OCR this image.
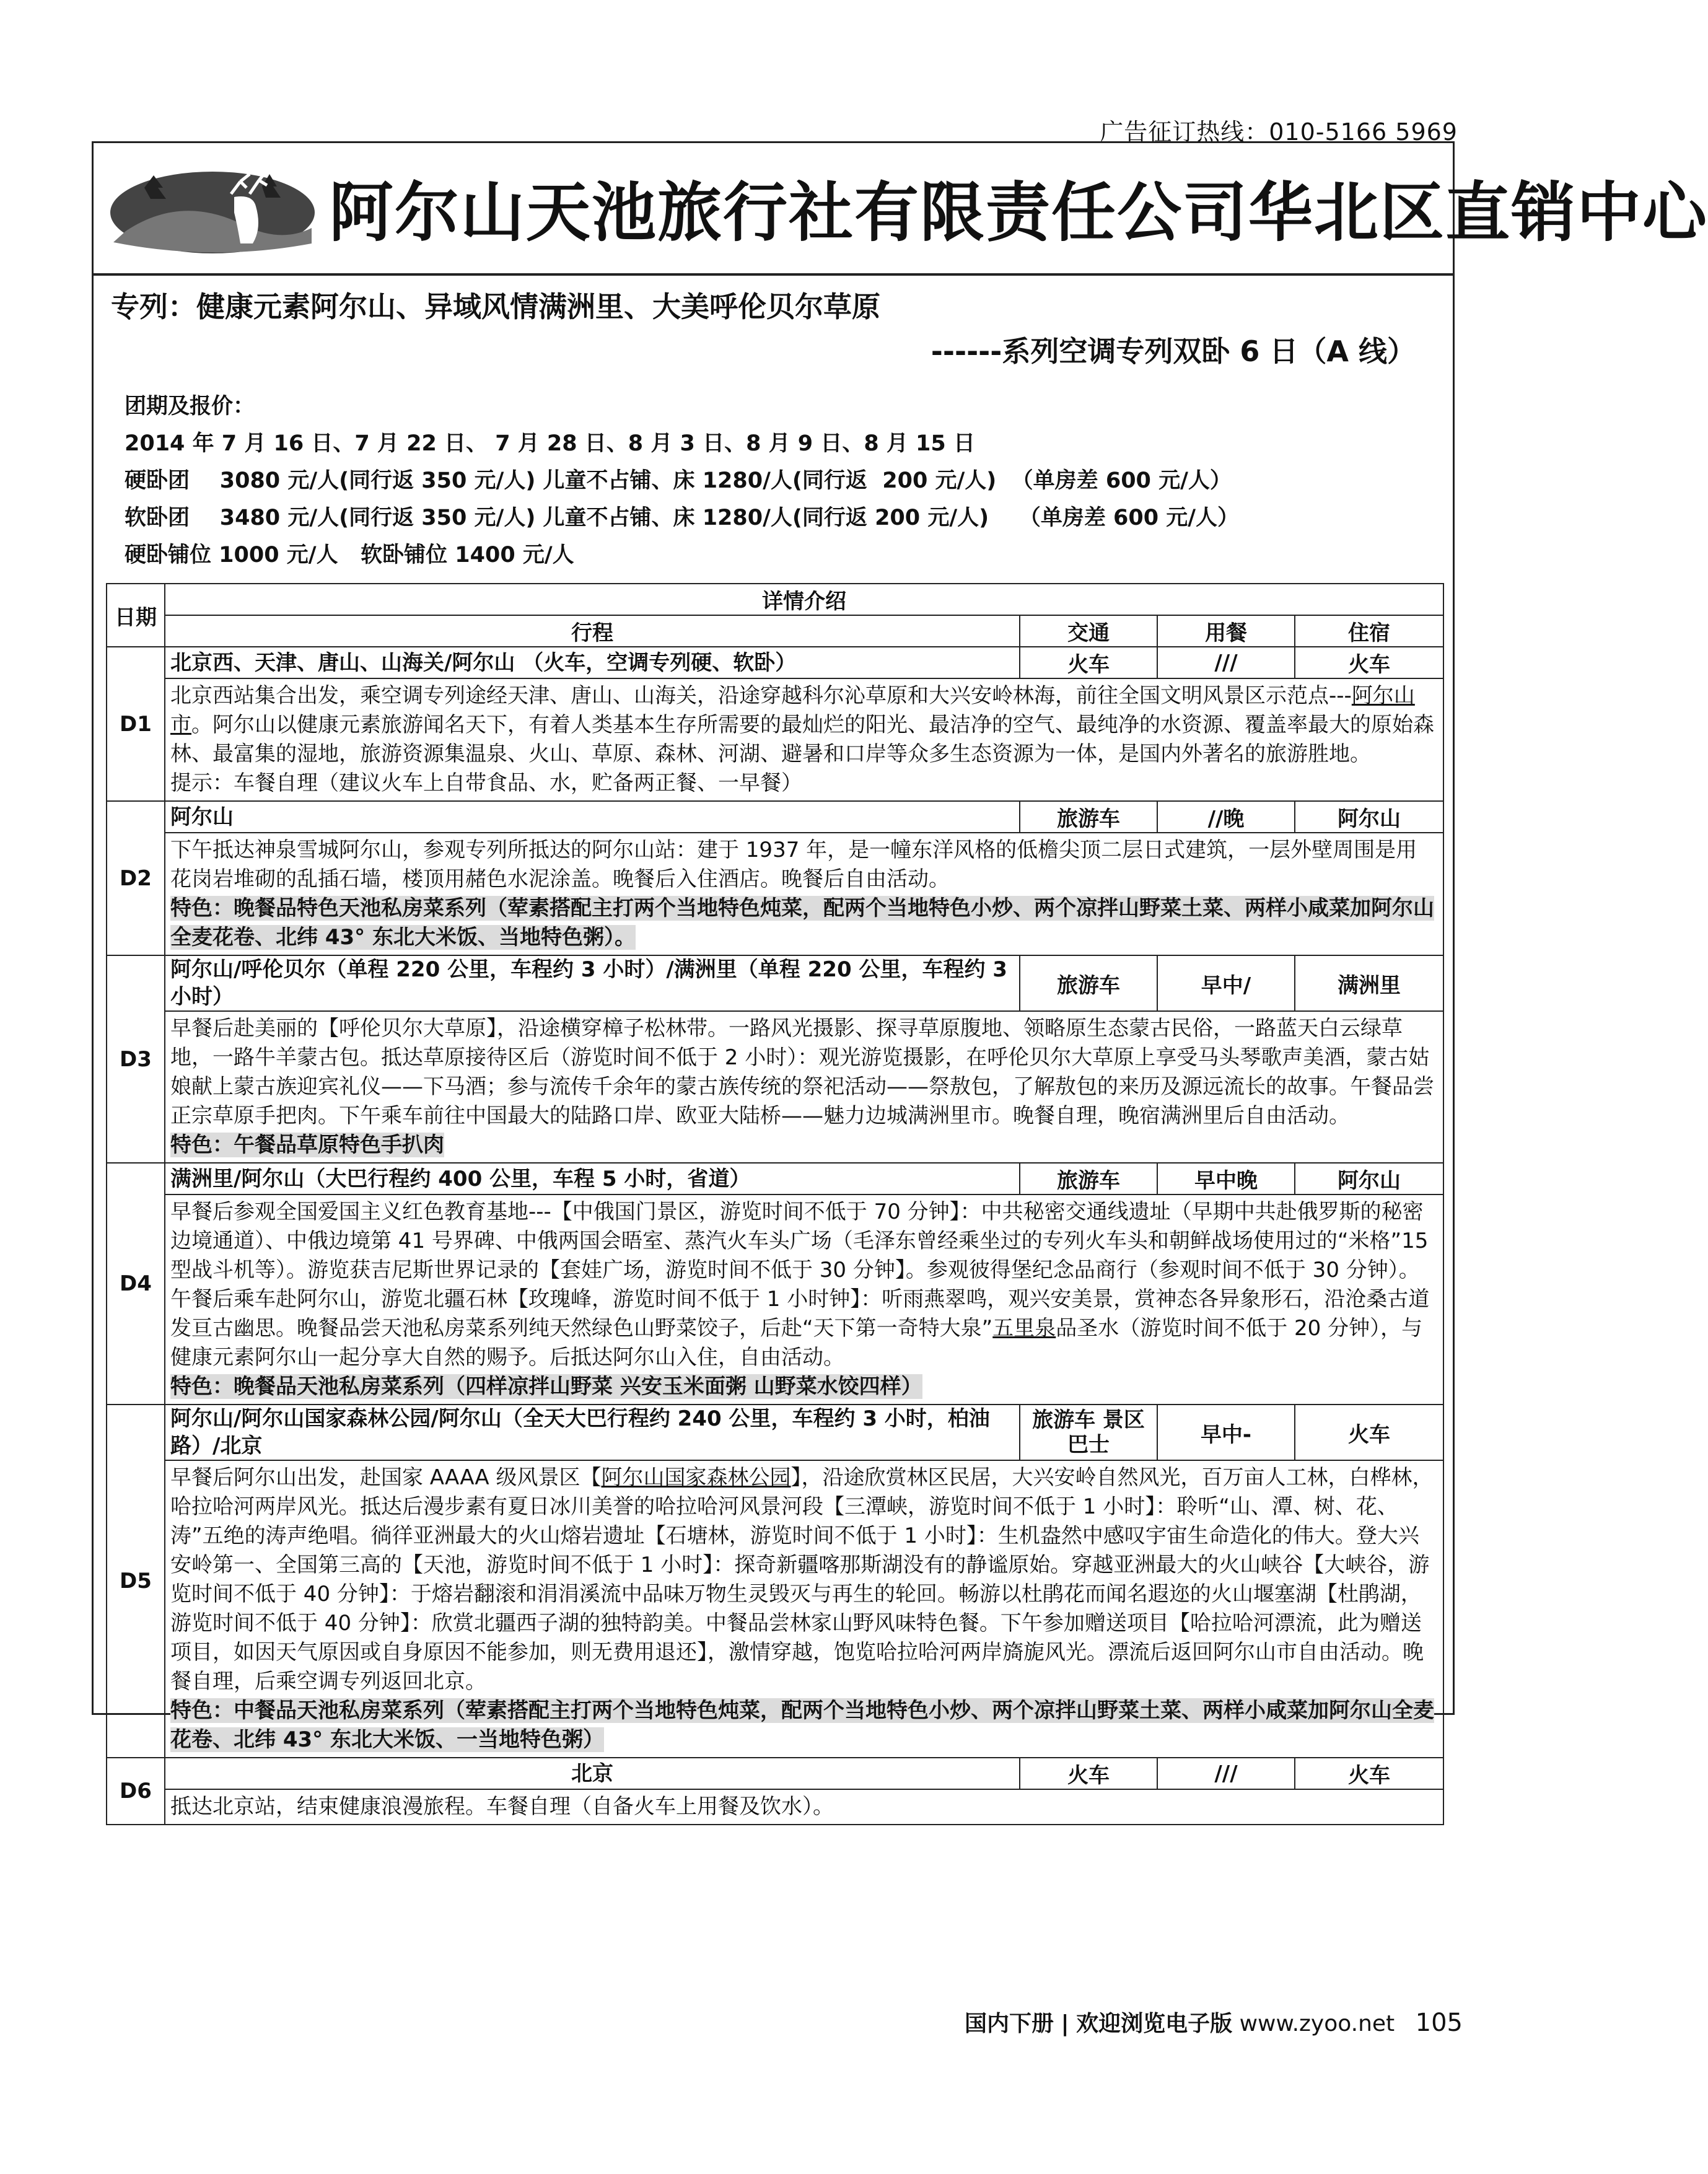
广告征订热线：010-5166 5969
阿尔山天池旅行社有限责任公司华北区直销中心
专列：健康元素阿尔山、异域风情满洲里、大美呼伦贝尔草原
------系列空调专列双卧 6 日（A 线）
团期及报价：
2014 年 7 月 16 日、7 月 22 日、 7 月 28 日、8 月 3 日、8 月 9 日、8 月 15 日
硬卧团    3080 元/人(同行返 350 元/人) 儿童不占铺、床 1280/人(同行返  200 元/人)  （单房差 600 元/人）
软卧团    3480 元/人(同行返 350 元/人) 儿童不占铺、床 1280/人(同行返 200 元/人)    （单房差 600 元/人）
硬卧铺位 1000 元/人   软卧铺位 1400 元/人
日期	详情介绍			
	行程	交通	用餐	住宿
D1	北京西、天津、唐山、山海关/阿尔山 （火车，空调专列硬、软卧）	火车	///	火车
	北京西站集合出发，乘空调专列途经天津、唐山、山海关，沿途穿越科尔沁草原和大兴安岭林海，前往全国文明风景区示范点---阿尔山市。阿尔山以健康元素旅游闻名天下，有着人类基本生存所需要的最灿烂的阳光、最洁净的空气、最纯净的水资源、覆盖率最大的原始森林、最富集的湿地，旅游资源集温泉、火山、草原、森林、河湖、避暑和口岸等众多生态资源为一体，是国内外著名的旅游胜地。
提示：车餐自理（建议火车上自带食品、水，贮备两正餐、一早餐）			
D2	阿尔山	旅游车	//晚	阿尔山
	下午抵达神泉雪城阿尔山，参观专列所抵达的阿尔山站：建于 1937 年，是一幢东洋风格的低檐尖顶二层日式建筑，一层外壁周围是用花岗岩堆砌的乱插石墙，楼顶用赭色水泥涂盖。晚餐后入住酒店。晚餐后自由活动。
特色：晚餐品特色天池私房菜系列（荤素搭配主打两个当地特色炖菜，配两个当地特色小炒、两个凉拌山野菜土菜、两样小咸菜加阿尔山全麦花卷、北纬 43° 东北大米饭、当地特色粥）。			
D3	阿尔山/呼伦贝尔（单程 220 公里，车程约 3 小时）/满洲里（单程 220 公里，车程约 3 小时）	旅游车	早中/	满洲里
	早餐后赴美丽的【呼伦贝尔大草原】，沿途横穿樟子松林带。一路风光摄影、探寻草原腹地、领略原生态蒙古民俗，一路蓝天白云绿草地，一路牛羊蒙古包。抵达草原接待区后（游览时间不低于 2 小时）：观光游览摄影，在呼伦贝尔大草原上享受马头琴歌声美酒，蒙古姑娘献上蒙古族迎宾礼仪——下马酒；参与流传千余年的蒙古族传统的祭祀活动——祭敖包，了解敖包的来历及源远流长的故事。午餐品尝正宗草原手把肉。下午乘车前往中国最大的陆路口岸、欧亚大陆桥——魅力边城满洲里市。晚餐自理，晚宿满洲里后自由活动。
特色：午餐品草原特色手扒肉			
D4	满洲里/阿尔山（大巴行程约 400 公里，车程 5 小时，省道）	旅游车	早中晚	阿尔山
	早餐后参观全国爱国主义红色教育基地---【中俄国门景区，游览时间不低于 70 分钟】：中共秘密交通线遗址（早期中共赴俄罗斯的秘密边境通道）、中俄边境第 41 号界碑、中俄两国会晤室、蒸汽火车头广场（毛泽东曾经乘坐过的专列火车头和朝鲜战场使用过的“米格”15 型战斗机等）。游览获吉尼斯世界记录的【套娃广场，游览时间不低于 30 分钟】。参观彼得堡纪念品商行（参观时间不低于 30 分钟）。午餐后乘车赴阿尔山，游览北疆石林【玫瑰峰，游览时间不低于 1 小时钟】：听雨燕翠鸣，观兴安美景，赏神态各异象形石，沿沧桑古道发亘古幽思。晚餐品尝天池私房菜系列纯天然绿色山野菜饺子，后赴“天下第一奇特大泉”五里泉品圣水（游览时间不低于 20 分钟），与健康元素阿尔山一起分享大自然的赐予。后抵达阿尔山入住，自由活动。
特色：晚餐品天池私房菜系列（四样凉拌山野菜 兴安玉米面粥 山野菜水饺四样）			
D5	阿尔山/阿尔山国家森林公园/阿尔山（全天大巴行程约 240 公里，车程约 3 小时，柏油路）/北京	旅游车 景区巴士	早中-	火车
	早餐后阿尔山出发，赴国家 AAAA 级风景区【阿尔山国家森林公园】，沿途欣赏林区民居，大兴安岭自然风光，百万亩人工林，白桦林，哈拉哈河两岸风光。抵达后漫步素有夏日冰川美誉的哈拉哈河风景河段【三潭峡，游览时间不低于 1 小时】：聆听“山、潭、树、花、涛”五绝的涛声绝唱。徜徉亚洲最大的火山熔岩遗址【石塘林，游览时间不低于 1 小时】：生机盎然中感叹宇宙生命造化的伟大。登大兴安岭第一、全国第三高的【天池，游览时间不低于 1 小时】：探奇新疆喀那斯湖没有的静谧原始。穿越亚洲最大的火山峡谷【大峡谷，游览时间不低于 40 分钟】：于熔岩翻滚和涓涓溪流中品味万物生灵毁灭与再生的轮回。畅游以杜鹃花而闻名遐迩的火山堰塞湖【杜鹃湖，游览时间不低于 40 分钟】：欣赏北疆西子湖的独特韵美。中餐品尝林家山野风味特色餐。下午参加赠送项目【哈拉哈河漂流，此为赠送项目，如因天气原因或自身原因不能参加，则无费用退还】，激情穿越，饱览哈拉哈河两岸旖旎风光。漂流后返回阿尔山市自由活动。晚餐自理，后乘空调专列返回北京。
特色：中餐品天池私房菜系列（荤素搭配主打两个当地特色炖菜，配两个当地特色小炒、两个凉拌山野菜土菜、两样小咸菜加阿尔山全麦花卷、北纬 43° 东北大米饭、一当地特色粥）			
D6	北京	火车	///	火车
	抵达北京站，结束健康浪漫旅程。车餐自理（自备火车上用餐及饮水）。			
国内下册 | 欢迎浏览电子版 www.zyoo.net 105
